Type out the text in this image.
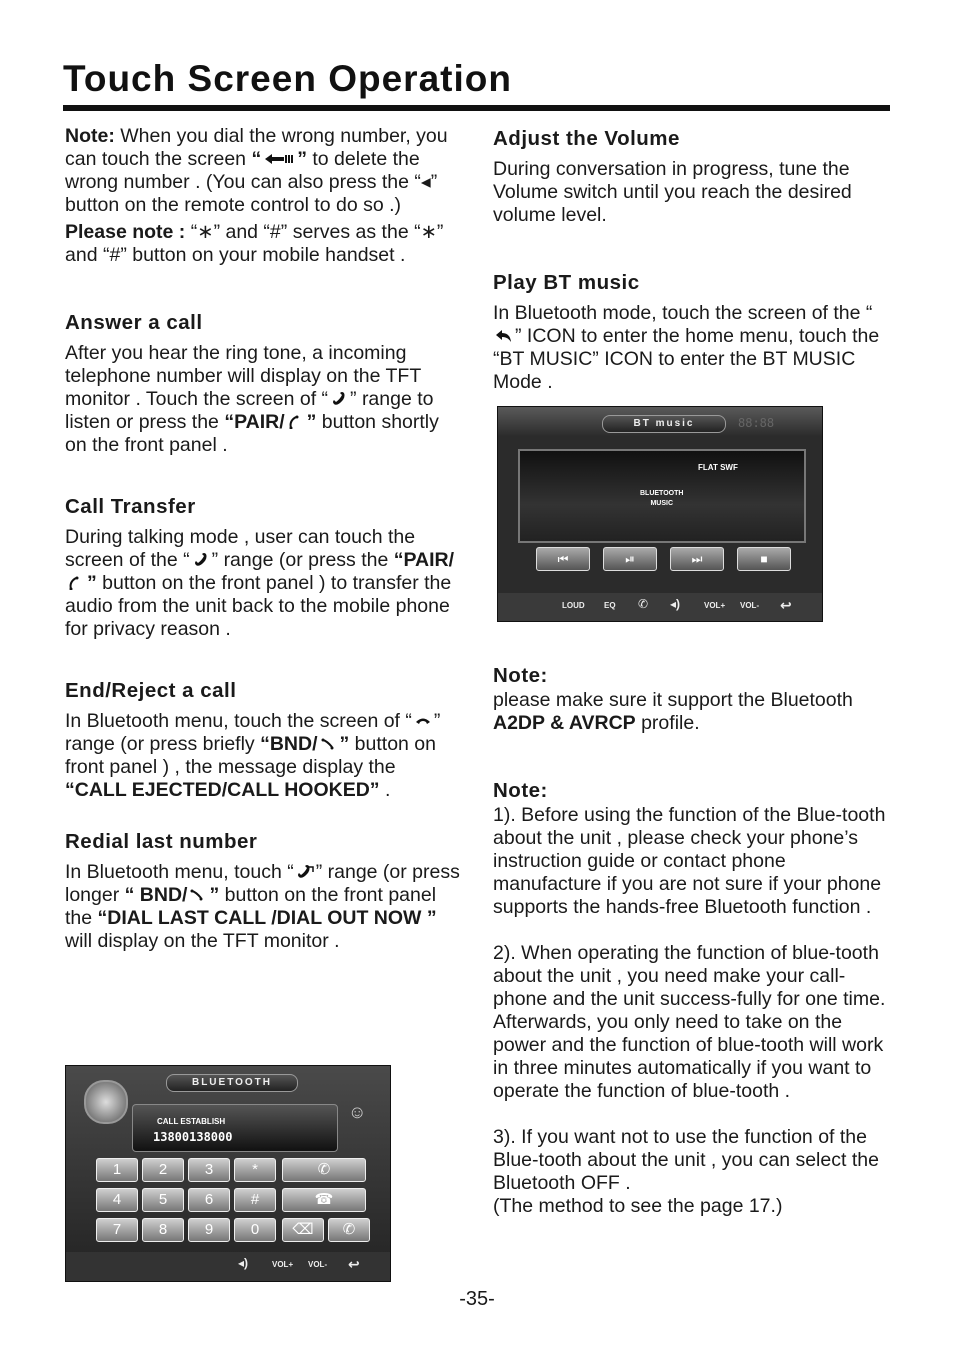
Touch Screen Operation

Note: When you dial the wrong number, you can touch the screen “ ” to delete the wrong number . (You can also press the “◂” button on the remote control to do so .)

Please note : “∗” and “#” serves as the “∗” and “#” button on your mobile handset .

Answer a call

After you hear the ring tone, a incoming telephone number will display on the TFT monitor . Touch the screen of “ ” range to listen or press the “PAIR/ ” button shortly on the front panel .

Call Transfer

During talking mode , user can touch the screen of the “ ” range (or press the “PAIR/
” button on the front panel ) to transfer the audio from the unit back to the mobile phone for privacy reason .

End/Reject a call

In Bluetooth menu, touch the screen of “ ” range (or press briefly “BND/ ” button on front panel ) , the message display the
“CALL EJECTED/CALL HOOKED” .

Redial last number

In Bluetooth menu, touch “ ” range (or press longer “ BND/ ” button on the front panel the “DIAL LAST CALL /DIAL OUT NOW ” will display on the TFT monitor .

Adjust the Volume

During conversation in progress, tune the Volume switch until you reach the desired volume level.

Play BT music

In Bluetooth mode, touch the screen of the “
” ICON to enter the home menu, touch the “BT MUSIC” ICON to enter the BT MUSIC Mode .

Note:

please make sure it support the Bluetooth A2DP & AVRCP profile.

Note:

1). Before using the function of the Blue-tooth about the unit , please check your phone’s instruction guide or contact phone manufacture if you are not sure if your phone supports the hands-free Bluetooth function .

2). When operating the function of blue-tooth about the unit , you need make your call-phone and the unit success-fully for one time. Afterwards, you only need to take on the power and the function of blue-tooth will work in three minutes automatically if you want to operate the function of blue-tooth .

3). If you want not to use the function of the Blue-tooth about the unit , you can select the Bluetooth OFF .

(The method to see the page 17.)

BT music	88:88
FLAT SWF
BLUETOOTH
MUSIC
⏮	⏯	⏭	■
LOUD EQ ✆ ◂)	VOL+ VOL- ↩
BLUETOOTH
☺
CALL ESTABLISH
13800138000
1	2	3	*	✆
4	5	6	#	☎
7	8	9	0	⌫	✆
◂)	VOL+ VOL- ↩
-35-
